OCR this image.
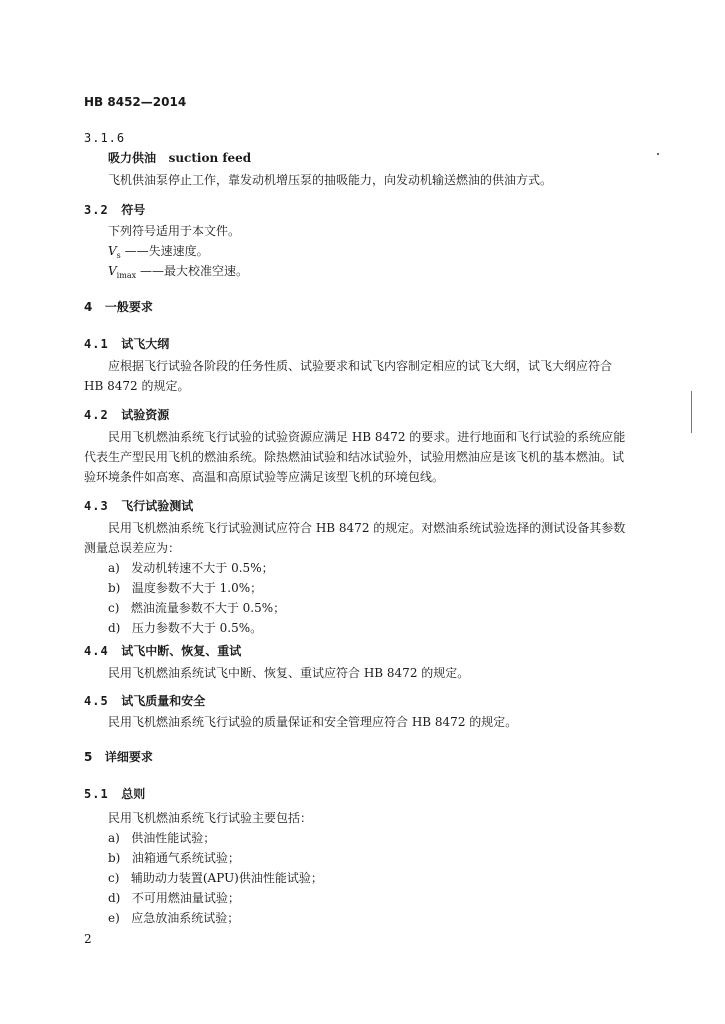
HB 8452—2014
3.1.6
吸力供油 suction feed
飞机供油泵停止工作，靠发动机增压泵的抽吸能力，向发动机输送燃油的供油方式。
3.2 符号
下列符号适用于本文件。
$V_s$ ——失速速度。
$V_{imax}$ ——最大校准空速。
4 一般要求
4.1 试飞大纲
应根据飞行试验各阶段的任务性质、试验要求和试飞内容制定相应的试飞大纲，试飞大纲应符合
HB 8472 的规定。
4.2 试验资源
民用飞机燃油系统飞行试验的试验资源应满足 HB 8472 的要求。进行地面和飞行试验的系统应能
代表生产型民用飞机的燃油系统。除热燃油试验和结冰试验外，试验用燃油应是该飞机的基本燃油。试
验环境条件如高寒、高温和高原试验等应满足该型飞机的环境包线。
4.3 飞行试验测试
民用飞机燃油系统飞行试验测试应符合 HB 8472 的规定。对燃油系统试验选择的测试设备其参数
测量总误差应为：
a) 发动机转速不大于 0.5%；
b) 温度参数不大于 1.0%；
c) 燃油流量参数不大于 0.5%；
d) 压力参数不大于 0.5%。
4.4 试飞中断、恢复、重试
民用飞机燃油系统试飞中断、恢复、重试应符合 HB 8472 的规定。
4.5 试飞质量和安全
民用飞机燃油系统飞行试验的质量保证和安全管理应符合 HB 8472 的规定。
5 详细要求
5.1 总则
民用飞机燃油系统飞行试验主要包括：
a) 供油性能试验；
b) 油箱通气系统试验；
c) 辅助动力装置(APU)供油性能试验；
d) 不可用燃油量试验；
e) 应急放油系统试验；
2
